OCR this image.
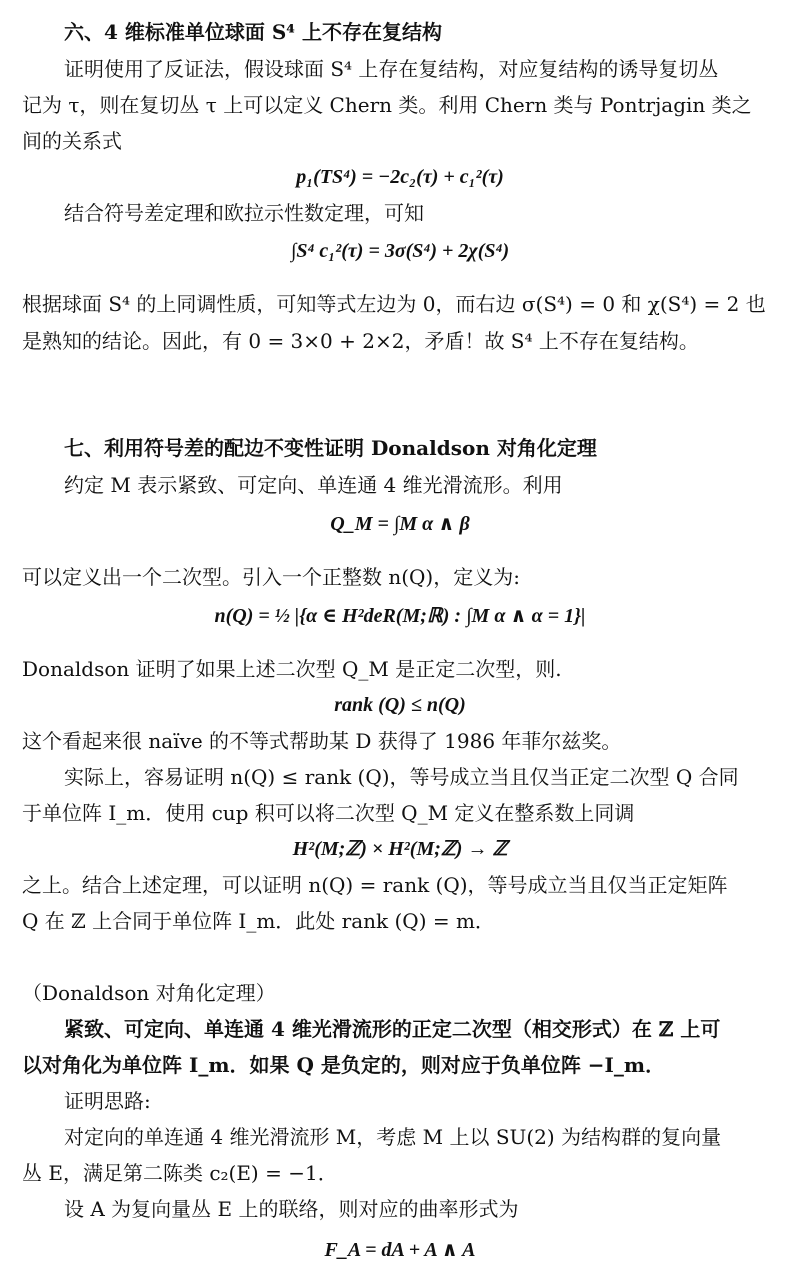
六、4 维标准单位球面 S⁴ 上不存在复结构
证明使用了反证法，假设球面 S⁴ 上存在复结构，对应复结构的诱导复切丛
记为 τ，则在复切丛 τ 上可以定义 Chern 类。利用 Chern 类与 Pontrjagin 类之
间的关系式
p₁(TS⁴) = −2c₂(τ) + c₁²(τ)
结合符号差定理和欧拉示性数定理，可知
∫S⁴ c₁²(τ) = 3σ(S⁴) + 2χ(S⁴)
根据球面 S⁴ 的上同调性质，可知等式左边为 0，而右边 σ(S⁴) = 0 和 χ(S⁴) = 2 也
是熟知的结论。因此，有 0 = 3×0 + 2×2，矛盾！故 S⁴ 上不存在复结构。
七、利用符号差的配边不变性证明 Donaldson 对角化定理
约定 M 表示紧致、可定向、单连通 4 维光滑流形。利用
Q_M = ∫M α ∧ β
可以定义出一个二次型。引入一个正整数 n(Q)，定义为:
n(Q) = ½ |{α ∈ H²deR(M;ℝ) : ∫M α ∧ α = 1}|
Donaldson 证明了如果上述二次型 Q_M 是正定二次型，则.
rank (Q) ≤ n(Q)
这个看起来很 naïve 的不等式帮助某 D 获得了 1986 年菲尔兹奖。
实际上，容易证明 n(Q) ≤ rank (Q)，等号成立当且仅当正定二次型 Q 合同
于单位阵 I_m．使用 cup 积可以将二次型 Q_M 定义在整系数上同调
H²(M;ℤ) × H²(M;ℤ) → ℤ
之上。结合上述定理，可以证明 n(Q) = rank (Q)，等号成立当且仅当正定矩阵
Q 在 ℤ 上合同于单位阵 I_m．此处 rank (Q) = m．
（Donaldson 对角化定理）
紧致、可定向、单连通 4 维光滑流形的正定二次型（相交形式）在 ℤ 上可
以对角化为单位阵 I_m．如果 Q 是负定的，则对应于负单位阵 −I_m．
证明思路:
对定向的单连通 4 维光滑流形 M，考虑 M 上以 SU(2) 为结构群的复向量
丛 E，满足第二陈类 c₂(E) = −1．
设 A 为复向量丛 E 上的联络，则对应的曲率形式为
F_A = dA + A ∧ A
